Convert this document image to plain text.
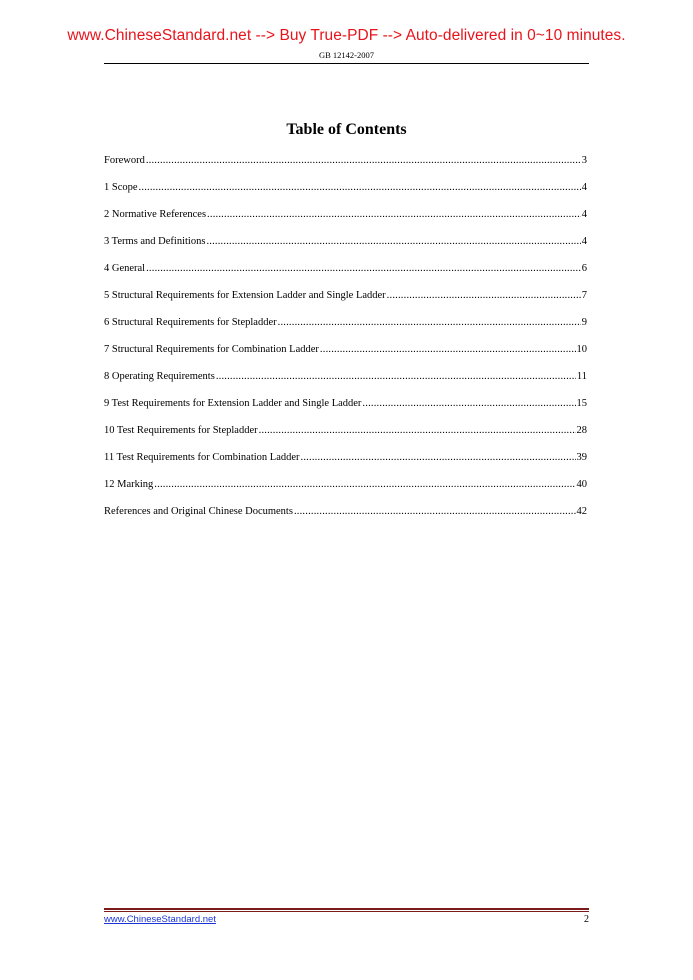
www.ChineseStandard.net --> Buy True-PDF --> Auto-delivered in 0~10 minutes.
GB 12142-2007
Table of Contents
Foreword .....	3
1 Scope .....	4
2 Normative References .....	4
3 Terms and Definitions .....	4
4 General .....	6
5 Structural Requirements for Extension Ladder and Single Ladder .....	7
6 Structural Requirements for Stepladder .....	9
7 Structural Requirements for Combination Ladder .....	10
8 Operating Requirements .....	11
9 Test Requirements for Extension Ladder and Single Ladder .....	15
10 Test Requirements for Stepladder .....	28
11 Test Requirements for Combination Ladder .....	39
12 Marking .....	40
References and Original Chinese Documents .....	42
www.ChineseStandard.net	2
